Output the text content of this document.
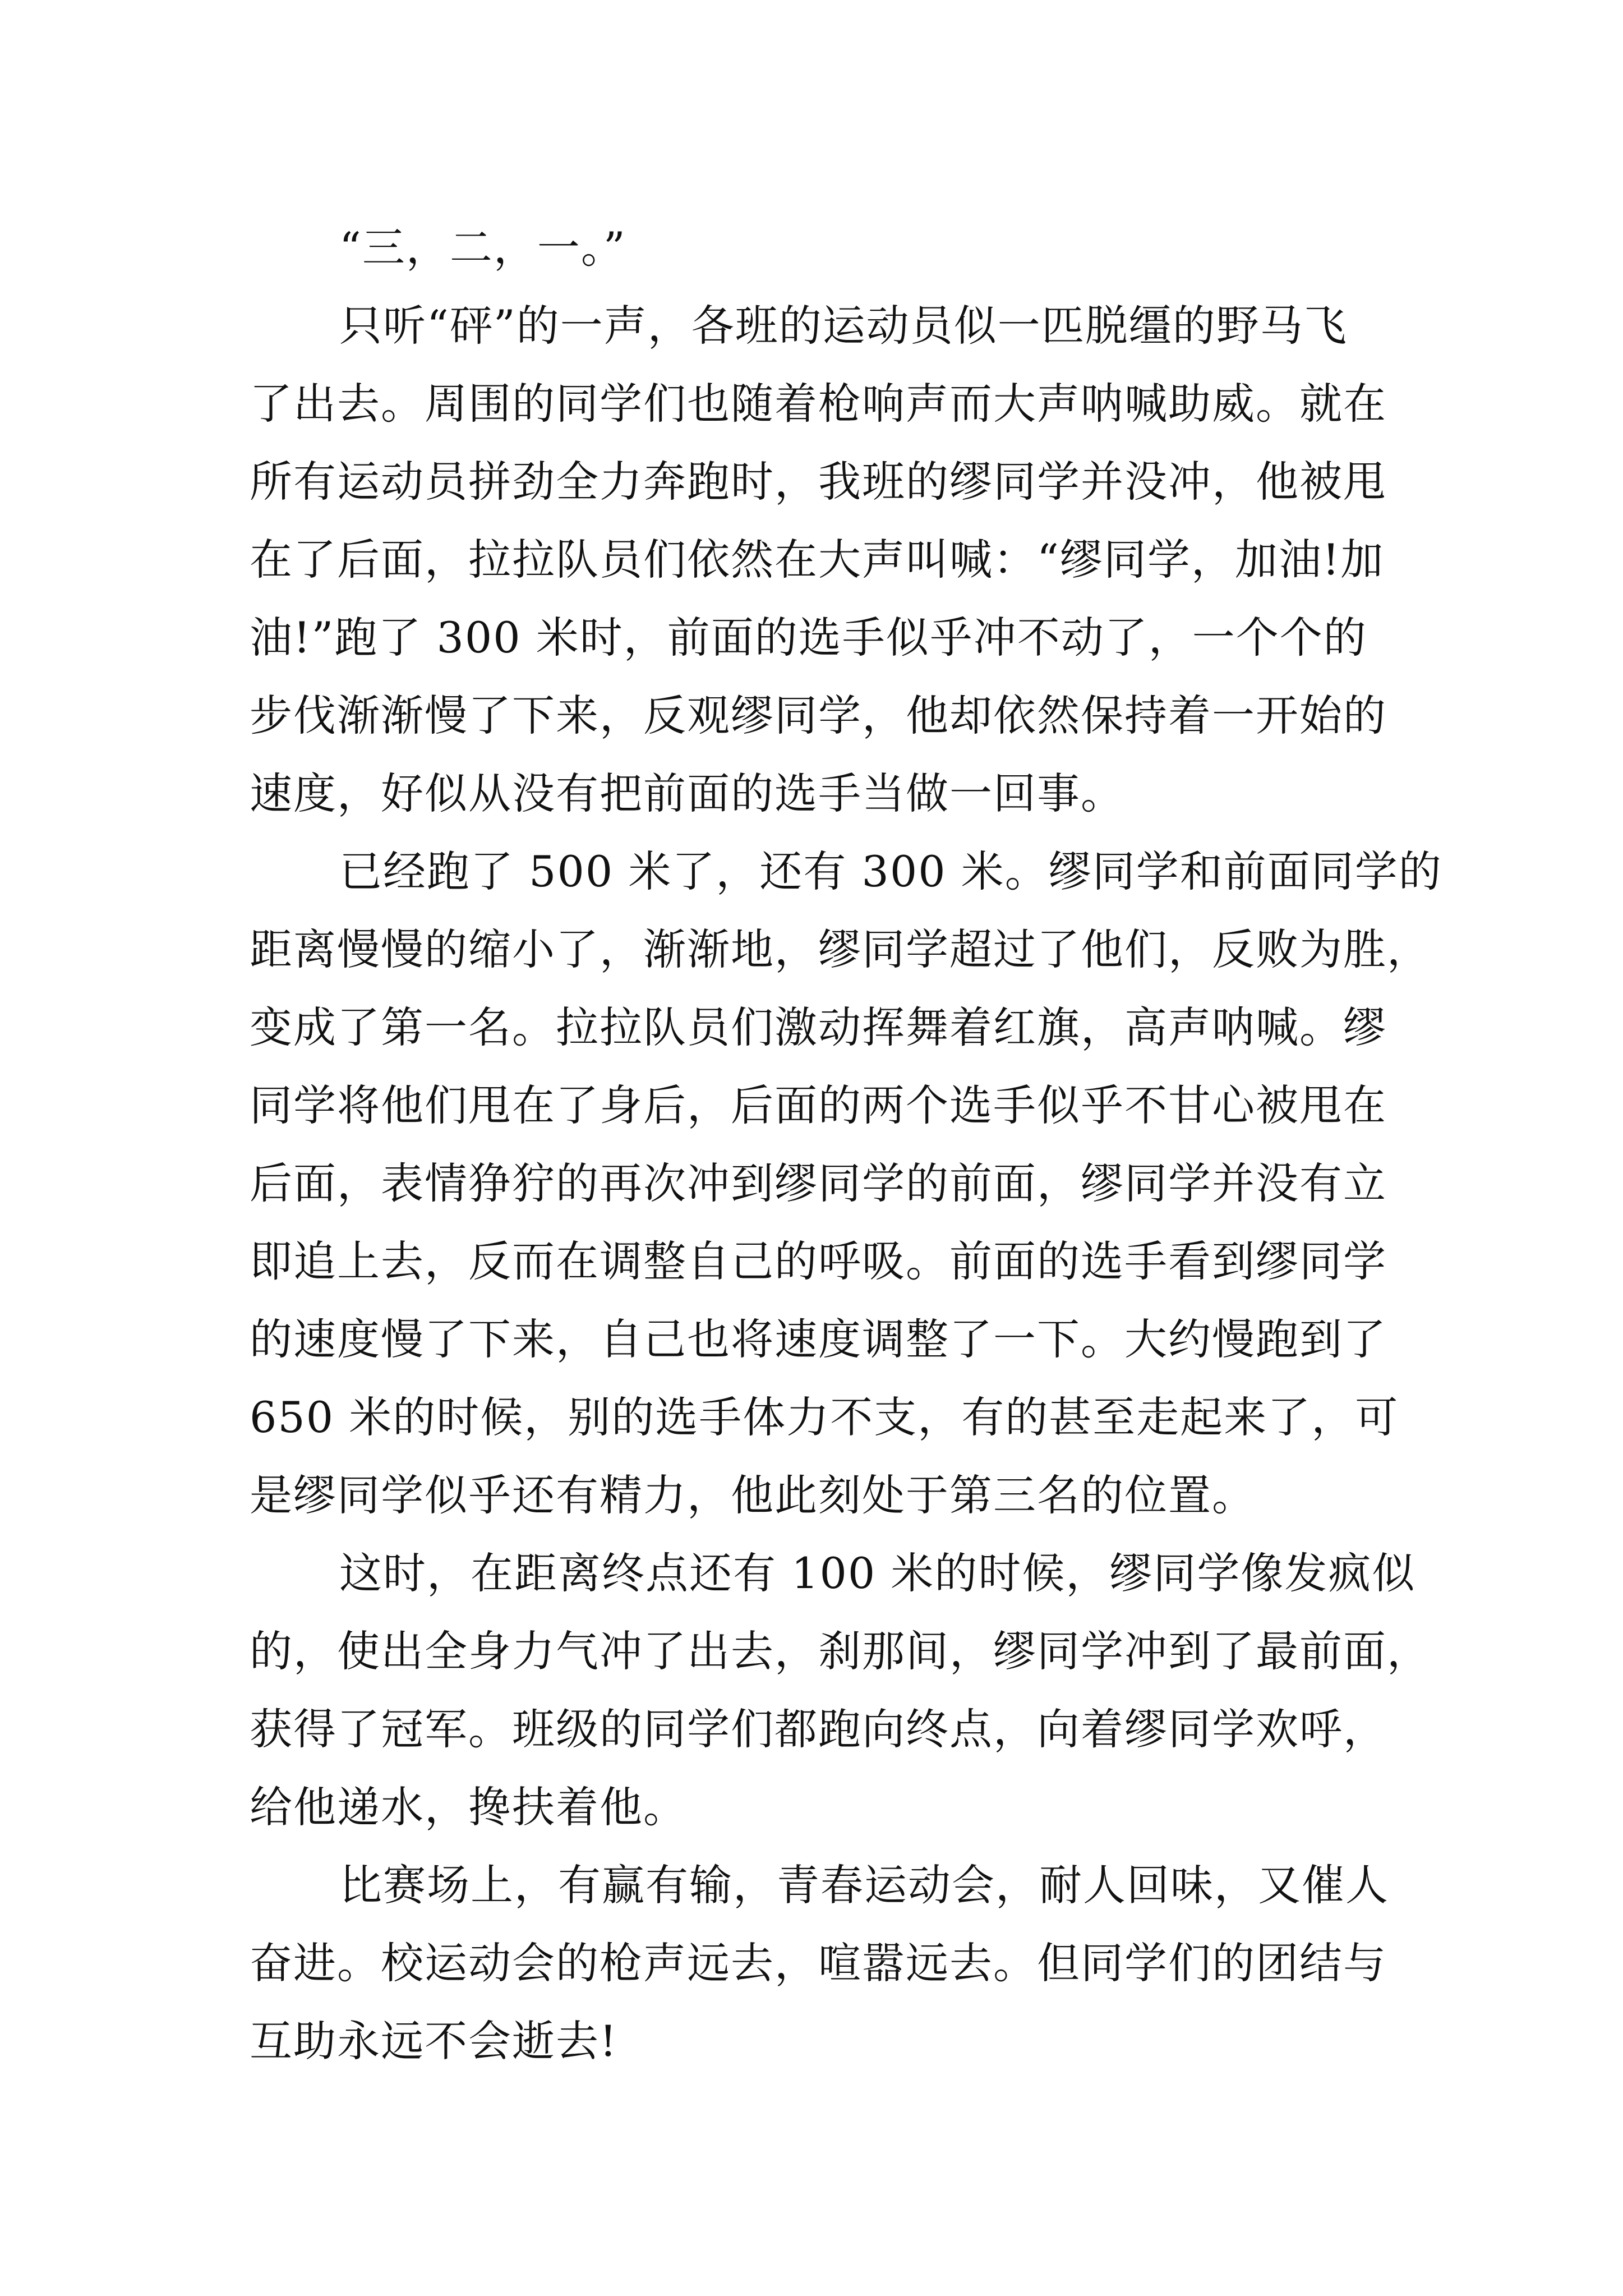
“三，二，一。”
只听“砰”的一声，各班的运动员似一匹脱缰的野马飞
了出去。周围的同学们也随着枪响声而大声呐喊助威。就在
所有运动员拼劲全力奔跑时，我班的缪同学并没冲，他被甩
在了后面，拉拉队员们依然在大声叫喊：“缪同学，加油!加
油!”跑了 300 米时，前面的选手似乎冲不动了，一个个的
步伐渐渐慢了下来，反观缪同学，他却依然保持着一开始的
速度，好似从没有把前面的选手当做一回事。
已经跑了 500 米了，还有 300 米。缪同学和前面同学的
距离慢慢的缩小了，渐渐地，缪同学超过了他们，反败为胜，
变成了第一名。拉拉队员们激动挥舞着红旗，高声呐喊。缪
同学将他们甩在了身后，后面的两个选手似乎不甘心被甩在
后面，表情狰狞的再次冲到缪同学的前面，缪同学并没有立
即追上去，反而在调整自己的呼吸。前面的选手看到缪同学
的速度慢了下来，自己也将速度调整了一下。大约慢跑到了
650 米的时候，别的选手体力不支，有的甚至走起来了，可
是缪同学似乎还有精力，他此刻处于第三名的位置。
这时，在距离终点还有 100 米的时候，缪同学像发疯似
的，使出全身力气冲了出去，刹那间，缪同学冲到了最前面，
获得了冠军。班级的同学们都跑向终点，向着缪同学欢呼，
给他递水，搀扶着他。
比赛场上，有赢有输，青春运动会，耐人回味，又催人
奋进。校运动会的枪声远去，喧嚣远去。但同学们的团结与
互助永远不会逝去!
